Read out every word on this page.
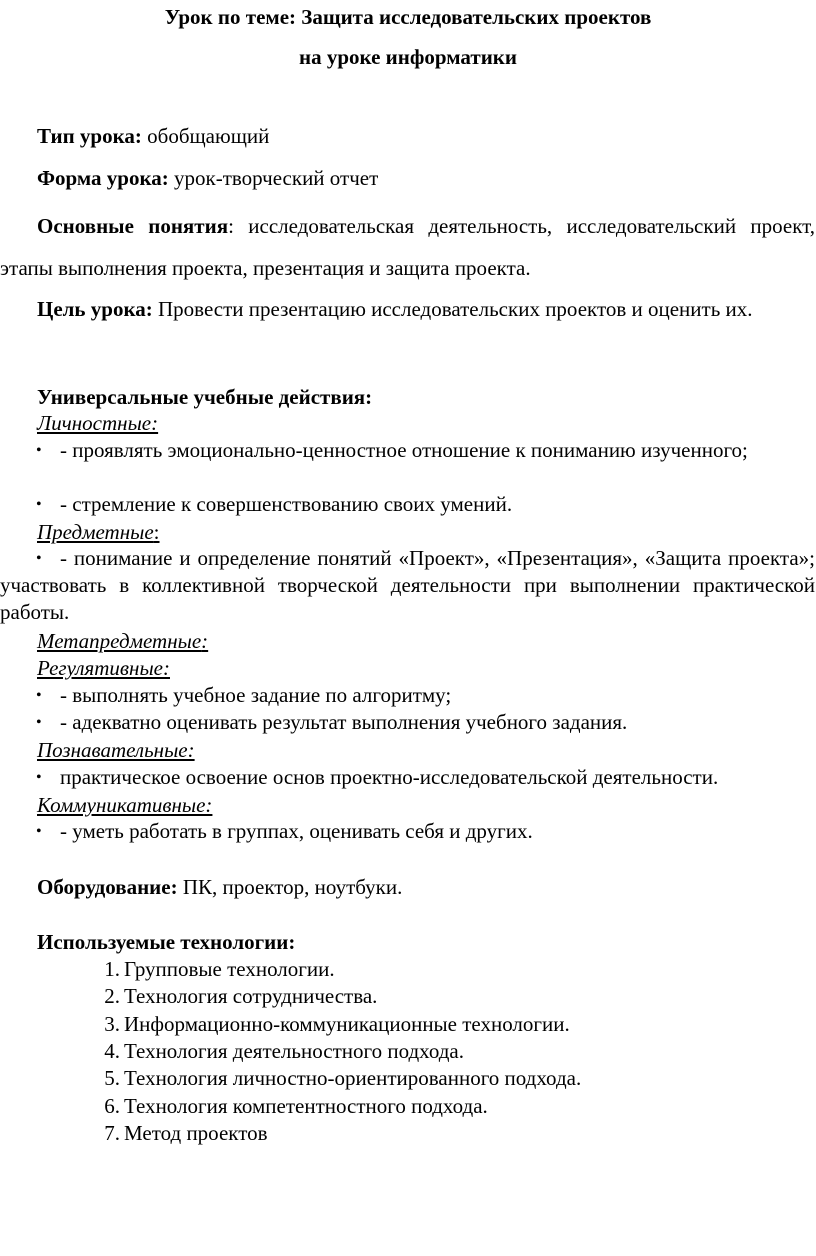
Урок по теме: Защита исследовательских проектов
на уроке информатики
Тип урока: обобщающий
Форма урока: урок-творческий отчет
Основные понятия: исследовательская деятельность, исследовательский проект, этапы выполнения проекта, презентация и защита проекта.
Цель урока: Провести презентацию исследовательских проектов и оценить их.
Универсальные учебные действия:
Личностные:
• - проявлять эмоционально-ценностное отношение к пониманию изученного;
• - стремление к совершенствованию своих умений.
Предметные:
• - понимание и определение понятий «Проект», «Презентация», «Защита проекта»; участвовать в коллективной творческой деятельности при выполнении практической работы.
Метапредметные:
Регулятивные:
• - выполнять учебное задание по алгоритму;
• - адекватно оценивать результат выполнения учебного задания.
Познавательные:
• практическое освоение основ проектно-исследовательской деятельности.
Коммуникативные:
• - уметь работать в группах, оценивать себя и других.
Оборудование: ПК, проектор, ноутбуки.
Используемые технологии:
1. Групповые технологии.
2. Технология сотрудничества.
3. Информационно-коммуникационные технологии.
4. Технология деятельностного подхода.
5. Технология личностно-ориентированного подхода.
6. Технология компетентностного подхода.
7. Метод проектов
